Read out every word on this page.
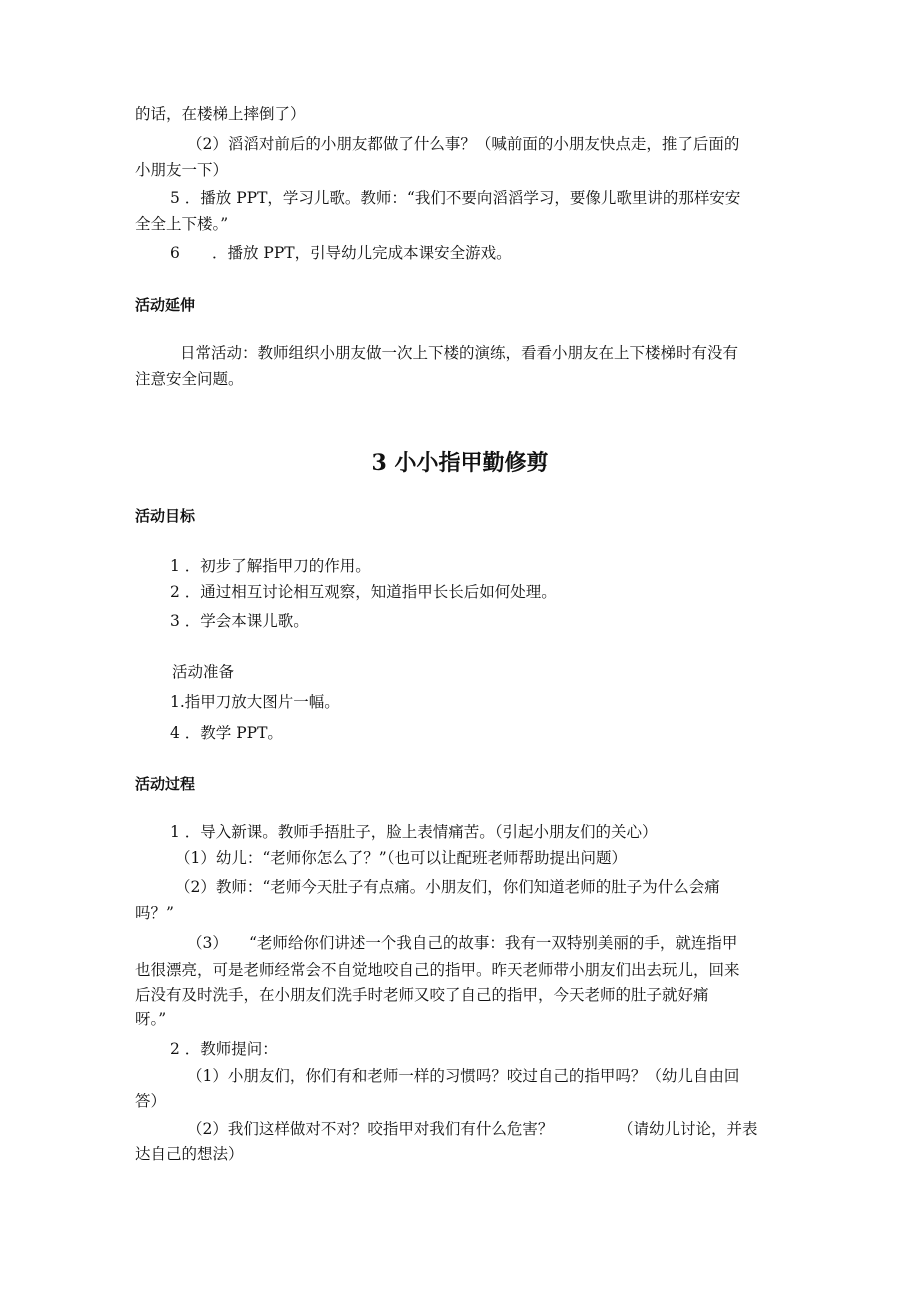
的话，在楼梯上摔倒了）

（2）滔滔对前后的小朋友都做了什么事？（喊前面的小朋友快点走，推了后面的

小朋友一下）

5 ．播放 PPT，学习儿歌。教师：“我们不要向滔滔学习，要像儿歌里讲的那样安安

全全上下楼。”

6 ．播放 PPT，引导幼儿完成本课安全游戏。

活动延伸

日常活动：教师组织小朋友做一次上下楼的演练，看看小朋友在上下楼梯时有没有

注意安全问题。

3 小小指甲勤修剪
活动目标

1 ．初步了解指甲刀的作用。

2 ．通过相互讨论相互观察，知道指甲长长后如何处理。

3 ．学会本课儿歌。

活动准备

1.指甲刀放大图片一幅。

4 ．教学 PPT。

活动过程

1 ．导入新课。教师手捂肚子，脸上表情痛苦。（引起小朋友们的关心）

（1）幼儿：“老师你怎么了？”（也可以让配班老师帮助提出问题）

（2）教师：“老师今天肚子有点痛。小朋友们，你们知道老师的肚子为什么会痛

吗？”

（3） “老师给你们讲述一个我自己的故事：我有一双特别美丽的手，就连指甲

也很漂亮，可是老师经常会不自觉地咬自己的指甲。昨天老师带小朋友们出去玩儿，回来

后没有及时洗手，在小朋友们洗手时老师又咬了自己的指甲，今天老师的肚子就好痛

呀。”

2 ．教师提问：

（1）小朋友们，你们有和老师一样的习惯吗？咬过自己的指甲吗？（幼儿自由回

答）

（2）我们这样做对不对？咬指甲对我们有什么危害？	（请幼儿讨论，并表

达自己的想法）
